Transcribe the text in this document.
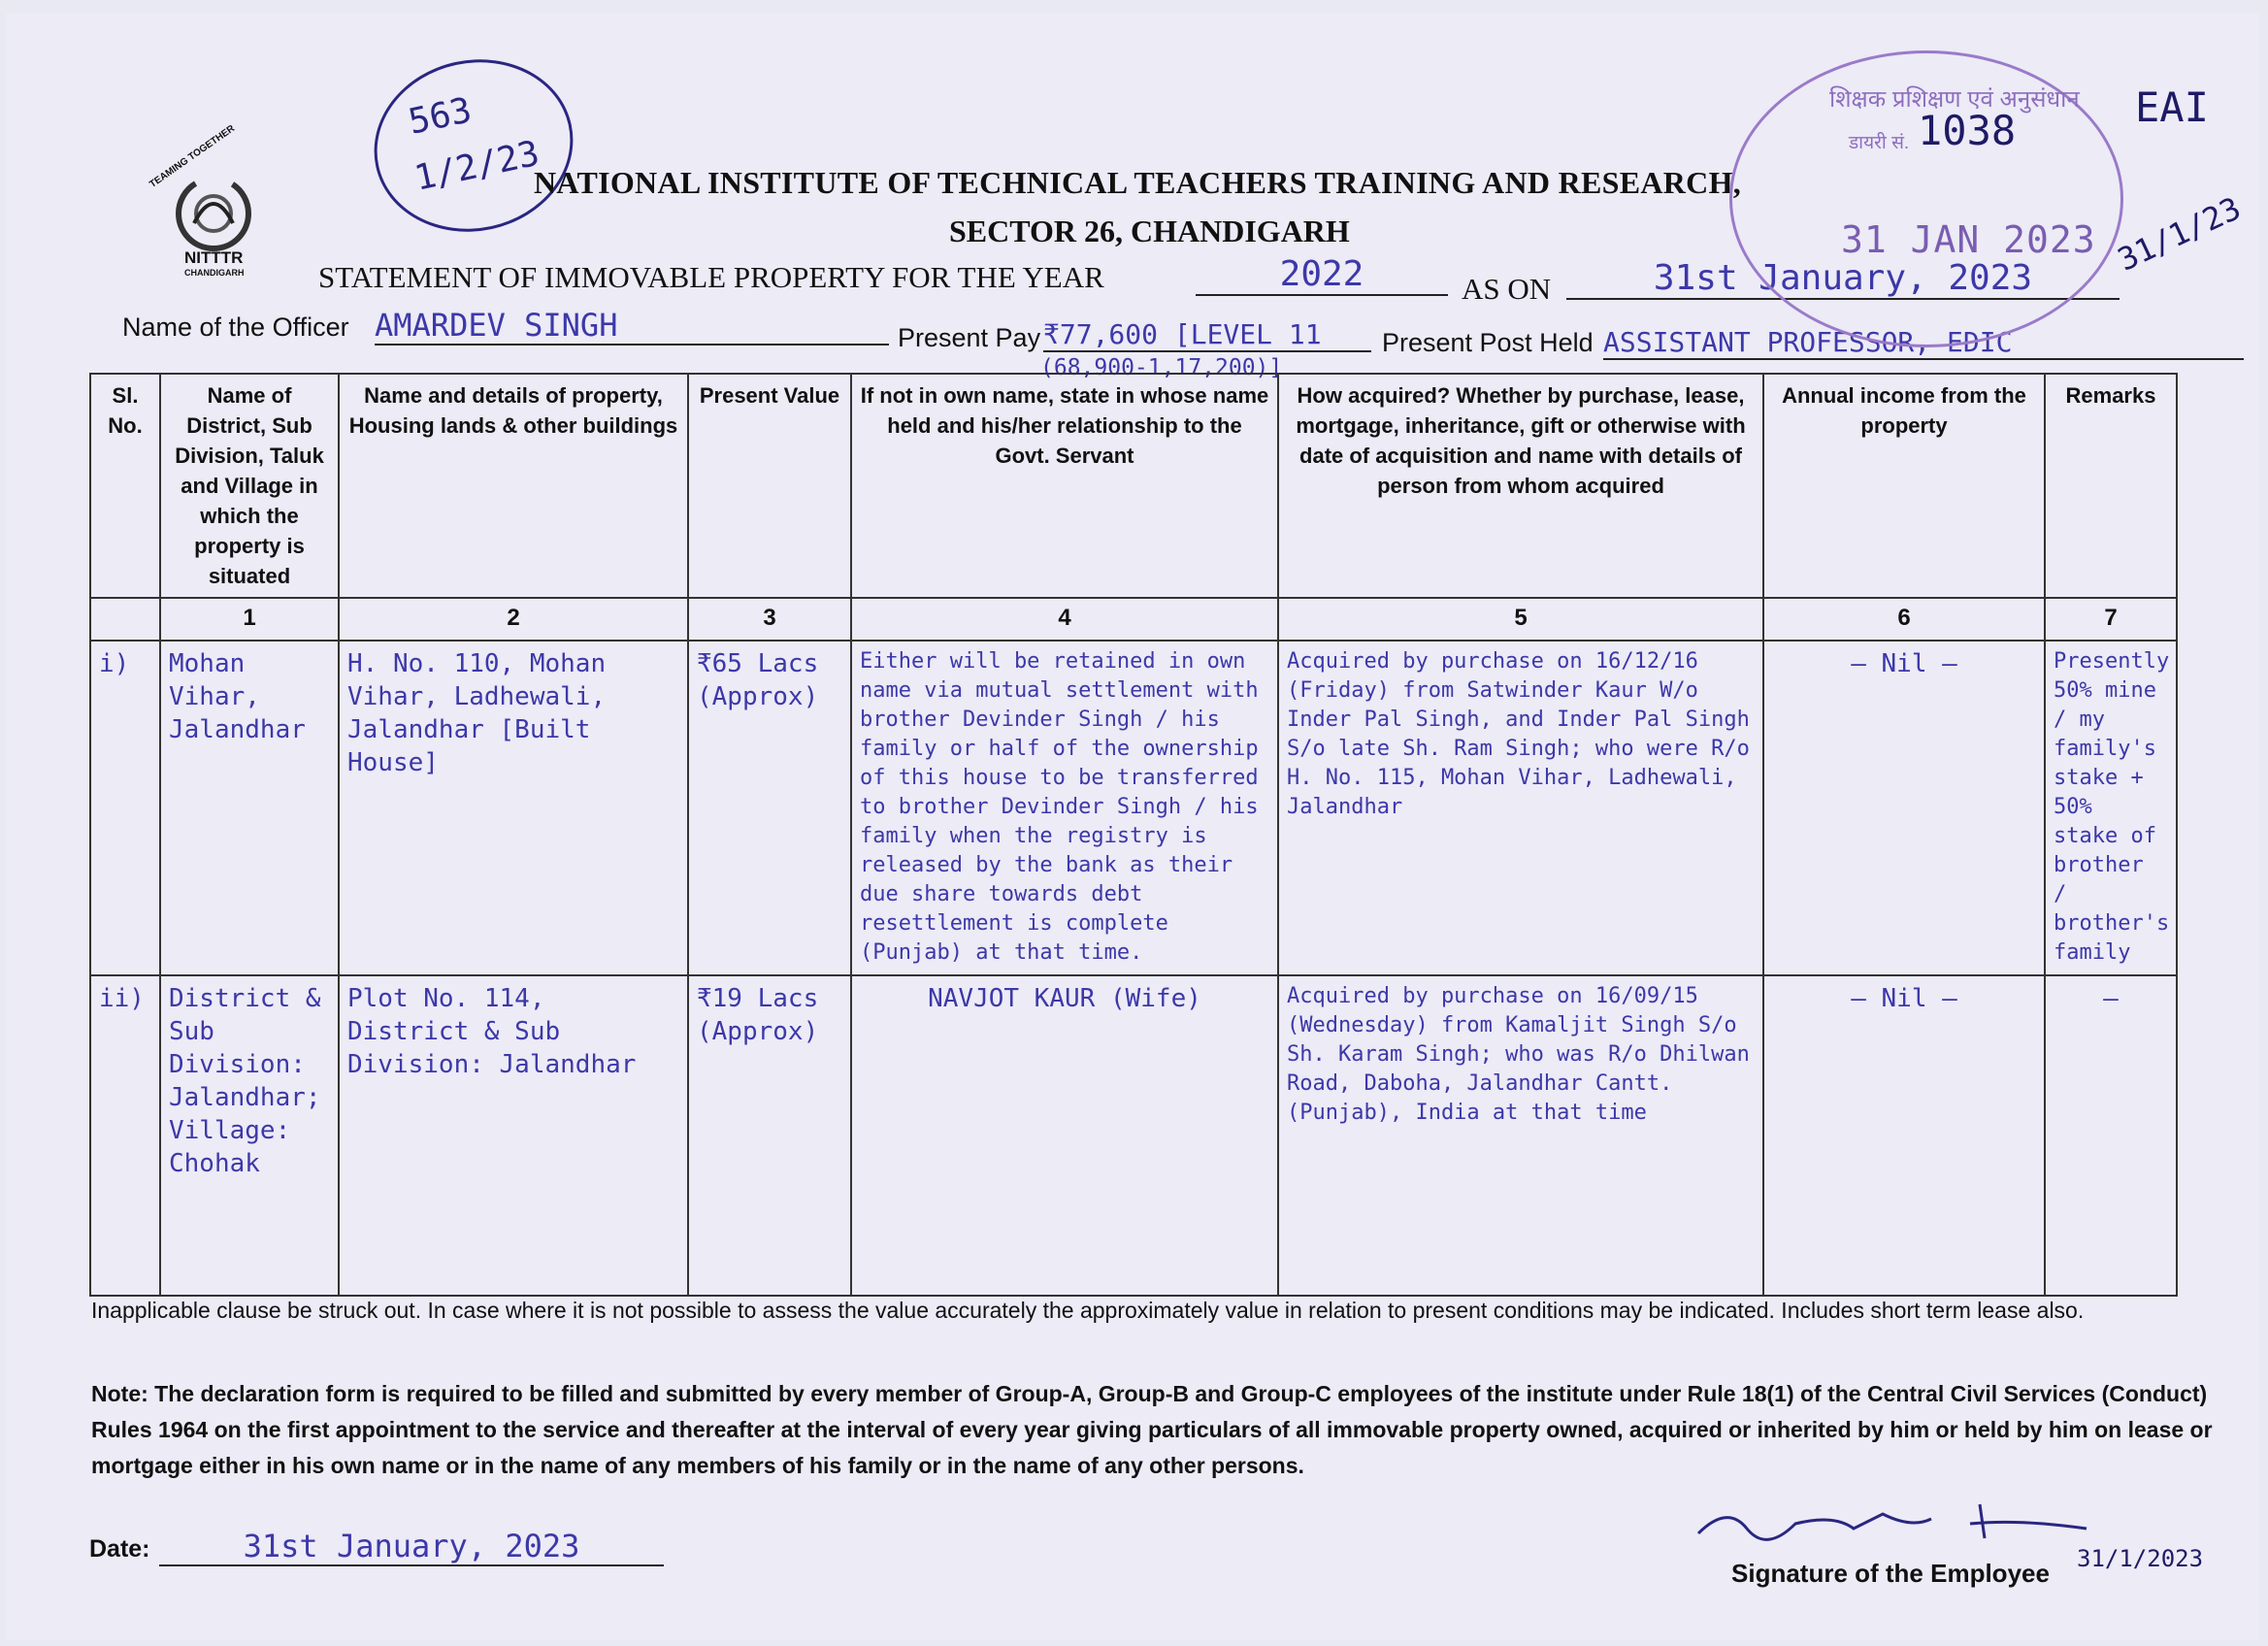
TEAMING TOGETHER
NITTTR
CHANDIGARH
563
1/2/23
NATIONAL INSTITUTE OF TECHNICAL TEACHERS TRAINING AND RESEARCH,
SECTOR 26, CHANDIGARH
STATEMENT OF IMMOVABLE PROPERTY FOR THE YEAR	2022	AS ON	31st January, 2023
Name of the Officer AMARDEV SINGH	Present Pay ₹77,600 [LEVEL 11
(68,900-1,17,200)]
Present Post Held ASSISTANT PROFESSOR, EDIC
शिक्षक प्रशिक्षण एवं अनुसंधान
डायरी सं.
31 JAN 2023
1038	EAI
31/1/23
Sl. No.	Name of District, Sub Division, Taluk and Village in which the property is situated	Name and details of property, Housing lands & other buildings	Present Value	If not in own name, state in whose name held and his/her relationship to the Govt. Servant	How acquired? Whether by purchase, lease, mortgage, inheritance, gift or otherwise with date of acquisition and name with details of person from whom acquired	Annual income from the property	Remarks
	1	2	3	4	5	6	7
i)	Mohan Vihar, Jalandhar	H. No. 110, Mohan Vihar, Ladhewali, Jalandhar [Built House]	₹65 Lacs (Approx)	Either will be retained in own name via mutual settlement with brother Devinder Singh / his family or half of the ownership of this house to be transferred to brother Devinder Singh / his family when the registry is released by the bank as their due share towards debt resettlement is complete (Punjab) at that time.	Acquired by purchase on 16/12/16 (Friday) from Satwinder Kaur W/o Inder Pal Singh, and Inder Pal Singh S/o late Sh. Ram Singh; who were R/o H. No. 115, Mohan Vihar, Ladhewali, Jalandhar	— Nil —	Presently 50% mine / my family's stake + 50% stake of brother / brother's family
ii)	District & Sub Division: Jalandhar; Village: Chohak	Plot No. 114, District & Sub Division: Jalandhar	₹19 Lacs (Approx)	NAVJOT KAUR (Wife)	Acquired by purchase on 16/09/15 (Wednesday) from Kamaljit Singh S/o Sh. Karam Singh; who was R/o Dhilwan Road, Daboha, Jalandhar Cantt. (Punjab), India at that time	— Nil —	—
Inapplicable clause be struck out. In case where it is not possible to assess the value accurately the approximately value in relation to present conditions may be indicated. Includes short term lease also.
Note: The declaration form is required to be filled and submitted by every member of Group-A, Group-B and Group-C employees of the institute under Rule 18(1) of the Central Civil Services (Conduct) Rules 1964 on the first appointment to the service and thereafter at the interval of every year giving particulars of all immovable property owned, acquired or inherited by him or held by him on lease or mortgage either in his own name or in the name of any members of his family or in the name of any other persons.
Date:	31st January, 2023
Signature of the Employee 31/1/2023
